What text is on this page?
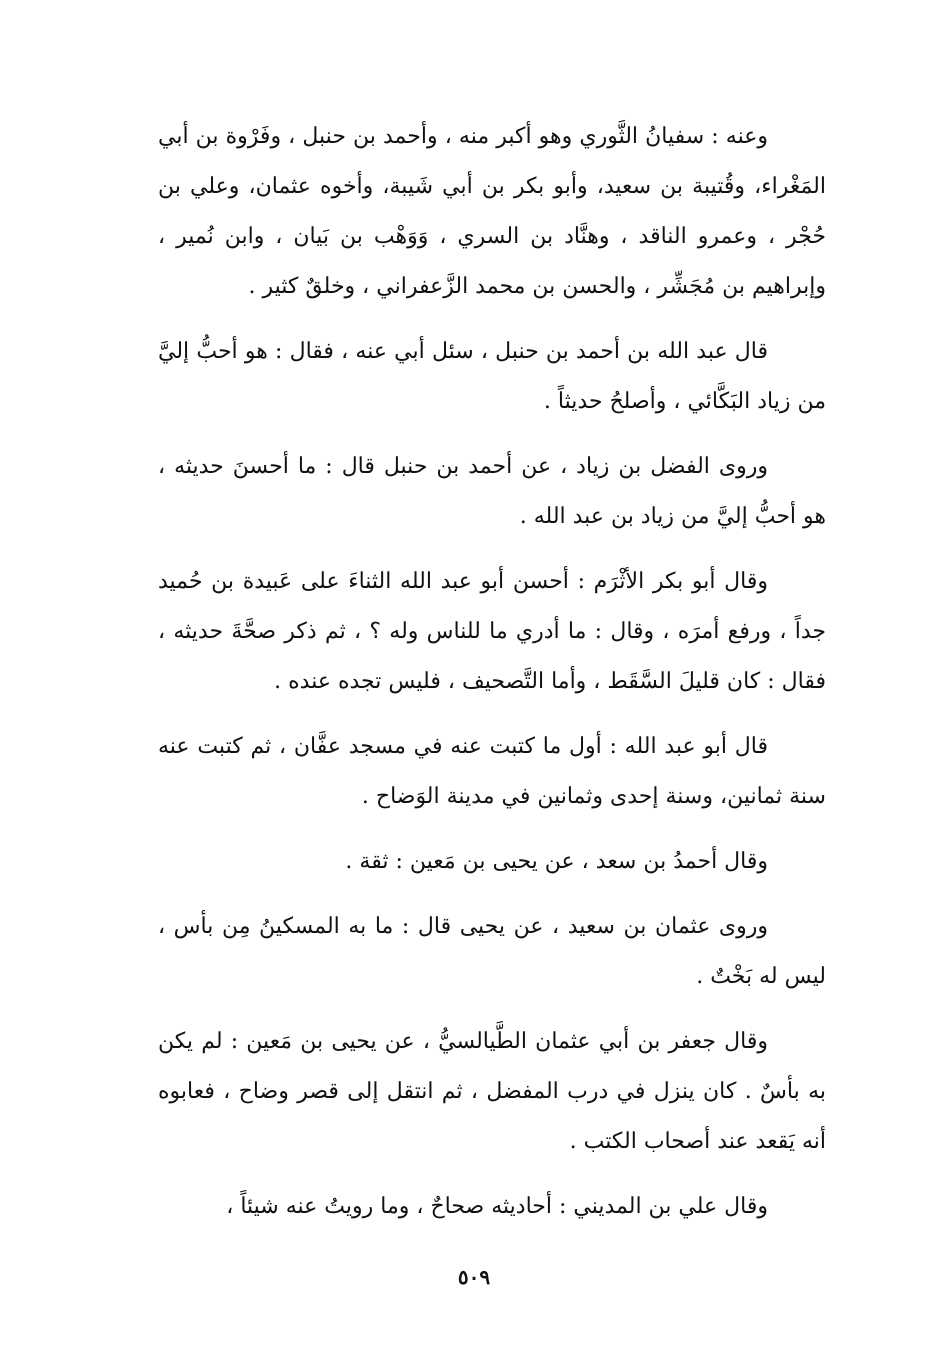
وعنه : سفيانُ الثَّوري وهو أكبر منه ، وأحمد بن حنبل ، وفَرْوة بن أبي المَغْراء، وقُتيبة بن سعيد، وأبو بكر بن أبي شَيبة، وأخوه عثمان، وعلي بن حُجْر ، وعمرو الناقد ، وهنَّاد بن السري ، وَوَهْب بن بَيان ، وابن نُمير ، وإبراهيم بن مُجَشِّر ، والحسن بن محمد الزَّعفراني ، وخلقٌ كثير .

قال عبد الله بن أحمد بن حنبل ، سئل أبي عنه ، فقال : هو أحبُّ إليَّ من زياد البَكَّائي ، وأصلحُ حديثاً .

وروى الفضل بن زياد ، عن أحمد بن حنبل قال : ما أحسنَ حديثه ، هو أحبُّ إليَّ من زياد بن عبد الله .

وقال أبو بكر الأثْرَم : أحسن أبو عبد الله الثناءَ على عَبيدة بن حُميد جداً ، ورفع أمرَه ، وقال : ما أدري ما للناس وله ؟ ، ثم ذكر صحَّةَ حديثه ، فقال : كان قليلَ السَّقَط ، وأما التَّصحيف ، فليس تجده عنده .

قال أبو عبد الله : أول ما كتبت عنه في مسجد عفَّان ، ثم كتبت عنه سنة ثمانين، وسنة إحدى وثمانين في مدينة الوَضاح .

وقال أحمدُ بن سعد ، عن يحيى بن مَعين : ثقة .

وروى عثمان بن سعيد ، عن يحيى قال : ما به المسكينُ مِن بأس ، ليس له بَخْتٌ .

وقال جعفر بن أبي عثمان الطَّيالسيُّ ، عن يحيى بن مَعين : لم يكن به بأسٌ . كان ينزل في درب المفضل ، ثم انتقل إلى قصر وضاح ، فعابوه أنه يَقعد عند أصحاب الكتب .

وقال علي بن المديني : أحاديثه صحاحٌ ، وما رويتُ عنه شيئاً ،

٥٠٩
